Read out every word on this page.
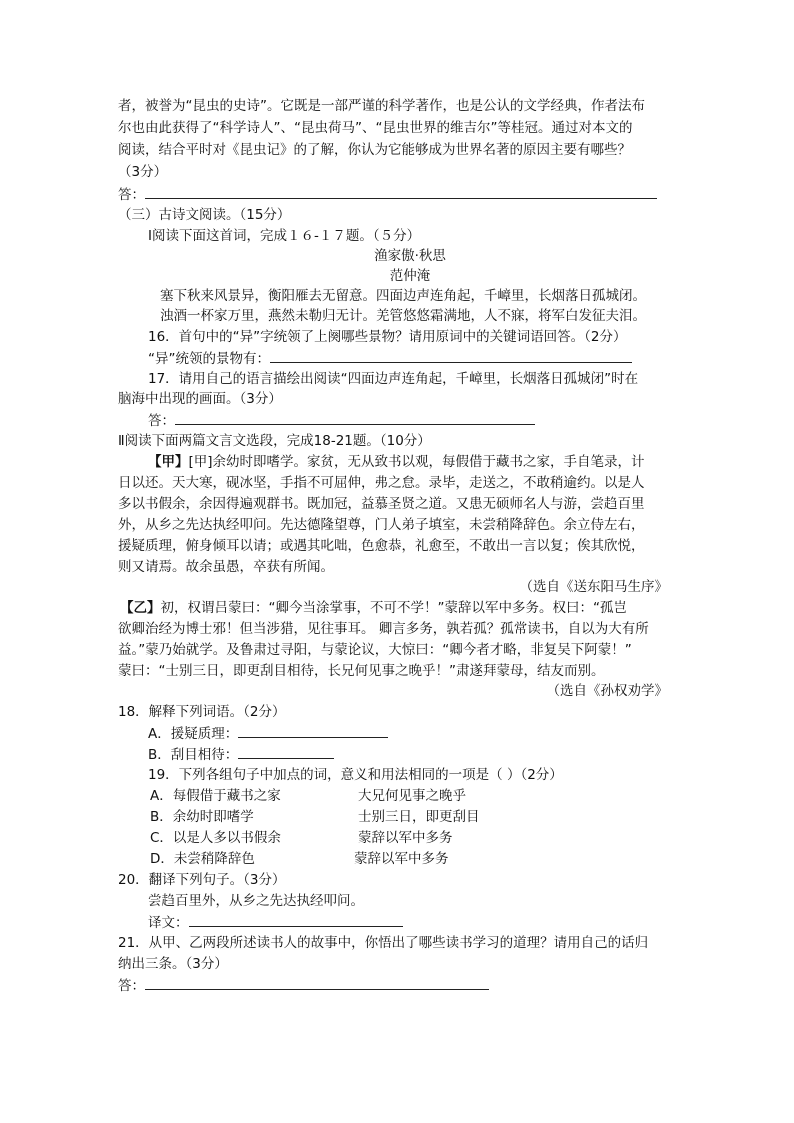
者，被誉为“昆虫的史诗”。它既是一部严谨的科学著作，也是公认的文学经典，作者法布
尔也由此获得了“科学诗人”、“昆虫荷马”、“昆虫世界的维吉尔”等桂冠。通过对本文的
阅读，结合平时对《昆虫记》的了解，你认为它能够成为世界名著的原因主要有哪些？
（3分）
答：
（三）古诗文阅读。（15分）
Ⅰ阅读下面这首词，完成１６-１７题。（５分）
渔家傲·秋思
范仲淹
塞下秋来风景异，衡阳雁去无留意。四面边声连角起，千嶂里，长烟落日孤城闭。
浊酒一杯家万里，燕然未勒归无计。羌管悠悠霜满地，人不寐，将军白发征夫泪。
16．首句中的“异”字统领了上阕哪些景物？请用原词中的关键词语回答。（2分）
“异”统领的景物有：
17．请用自己的语言描绘出阅读“四面边声连角起，千嶂里，长烟落日孤城闭”时在
脑海中出现的画面。（3分）
答：
Ⅱ阅读下面两篇文言文选段，完成18-21题。（10分）
【甲】[甲]余幼时即嗜学。家贫，无从致书以观，每假借于藏书之家，手自笔录，计
日以还。天大寒，砚冰坚，手指不可屈伸，弗之怠。录毕，走送之，不敢稍逾约。以是人
多以书假余，余因得遍观群书。既加冠，益慕圣贤之道。又患无硕师名人与游，尝趋百里
外，从乡之先达执经叩问。先达德隆望尊，门人弟子填室，未尝稍降辞色。余立侍左右，
援疑质理，俯身倾耳以请；或遇其叱咄，色愈恭，礼愈至，不敢出一言以复；俟其欣悦，
则又请焉。故余虽愚，卒获有所闻。
（选自《送东阳马生序》
【乙】初，权谓吕蒙曰：“卿今当涂掌事，不可不学！”蒙辞以军中多务。权曰：“孤岂
欲卿治经为博士邪！但当涉猎，见往事耳。 卿言多务，孰若孤？孤常读书，自以为大有所
益。”蒙乃始就学。及鲁肃过寻阳，与蒙论议，大惊曰：“卿今者才略，非复吴下阿蒙！”
蒙曰：“士别三日，即更刮目相待，长兄何见事之晚乎！”肃遂拜蒙母，结友而别。
（选自《孙权劝学》
18．解释下列词语。（2分）
A．援疑质理：
B．刮目相待：
19．下列各组句子中加点的词，意义和用法相同的一项是（ ）（2分）
A．每假借于藏书之家	大兄何见事之晚乎
B．余幼时即嗜学	士别三日，即更刮目
C．以是人多以书假余	蒙辞以军中多务
D．未尝稍降辞色	蒙辞以军中多务
20．翻译下列句子。（3分）
尝趋百里外，从乡之先达执经叩问。
译文：
21．从甲、乙两段所述读书人的故事中，你悟出了哪些读书学习的道理？请用自己的话归
纳出三条。（3分）
答：
